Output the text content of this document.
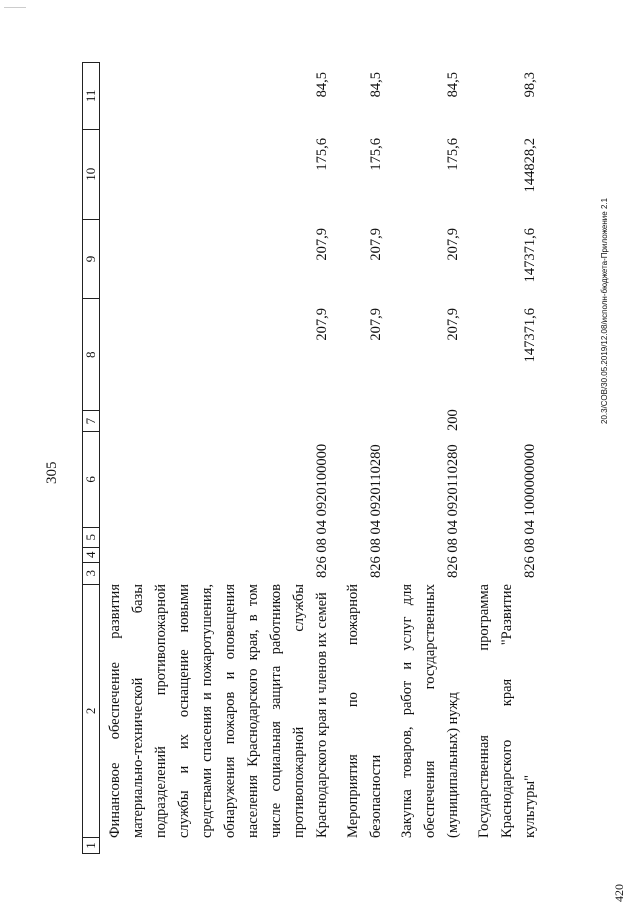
305
1
2
3
4
5
6
7
8
9
10
11
Финансовое обеспечение развития материально-технической базы подразделений противопожарной службы и их оснащение новыми средствами спасения и пожаротушения, обнаружения пожаров и оповещения населения Краснодарского края, в том числе социальная защита работников противопожарной службы Краснодарского края и членов их семей
826 08 04 0920100000
207,9
207,9
175,6
84,5
Мероприятия по пожарной безопасности
826 08 04 0920110280
207,9
207,9
175,6
84,5
Закупка товаров, работ и услуг для обеспечения государственных (муниципальных) нужд
826 08 04 0920110280
200
207,9
207,9
175,6
84,5
Государственная программа Краснодарского края "Развитие культуры"
826 08 04 1000000000
147371,6
147371,6
144828,2
98,3
20.3/СОВ/30.05.2019/12.08/исполн-бюджета-Приложение 2.1
420
